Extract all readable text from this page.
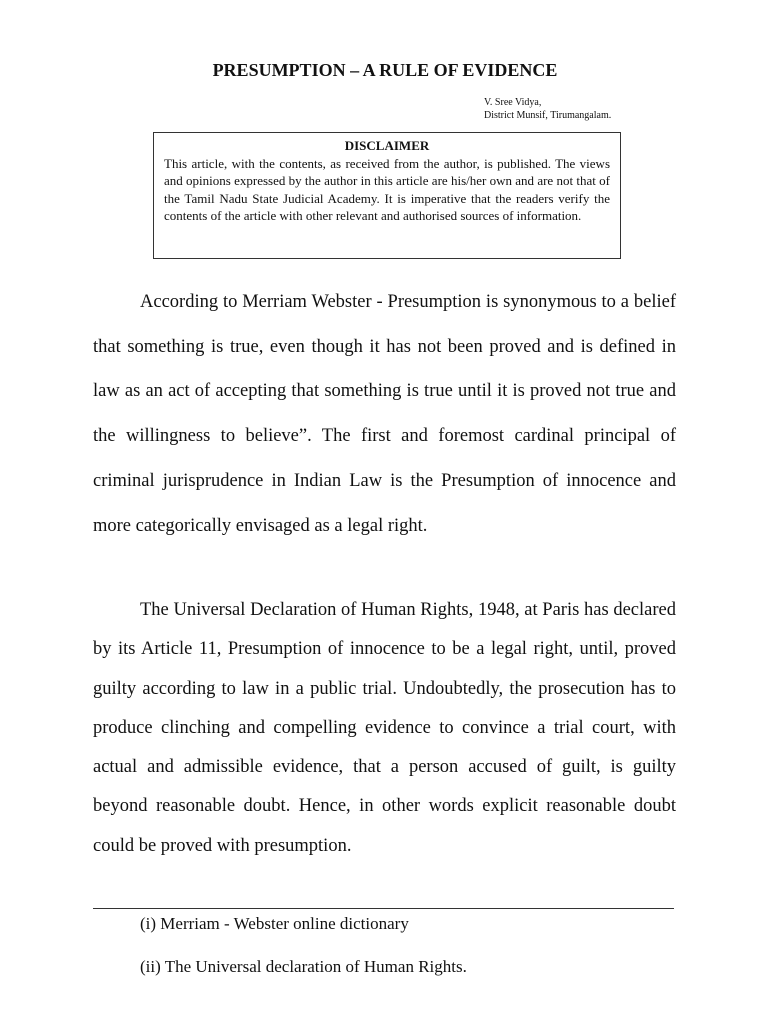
PRESUMPTION – A RULE OF EVIDENCE
V. Sree Vidya,
District Munsif, Tirumangalam.
DISCLAIMER
This article, with the contents, as received from the author, is published. The views and opinions expressed by the author in this article are his/her own and are not that of the Tamil Nadu State Judicial Academy. It is imperative that the readers verify the contents of the article with other relevant and authorised sources of information.

According to Merriam Webster - Presumption is synonymous to a belief that something is true, even though it has not been proved and is defined in law as an act of accepting that something is true until it is proved not true and the willingness to believe”. The first and foremost cardinal principal of criminal jurisprudence in Indian Law is the Presumption of innocence and more categorically envisaged as a legal right.

The Universal Declaration of Human Rights, 1948, at Paris has declared by its Article 11, Presumption of innocence to be a legal right, until, proved guilty according to law in a public trial. Undoubtedly, the prosecution has to produce clinching and compelling evidence to convince a trial court, with actual and admissible evidence, that a person accused of guilt, is guilty beyond reasonable doubt. Hence, in other words explicit reasonable doubt could be proved with presumption.

(i) Merriam - Webster online dictionary
(ii) The Universal declaration of Human Rights.
